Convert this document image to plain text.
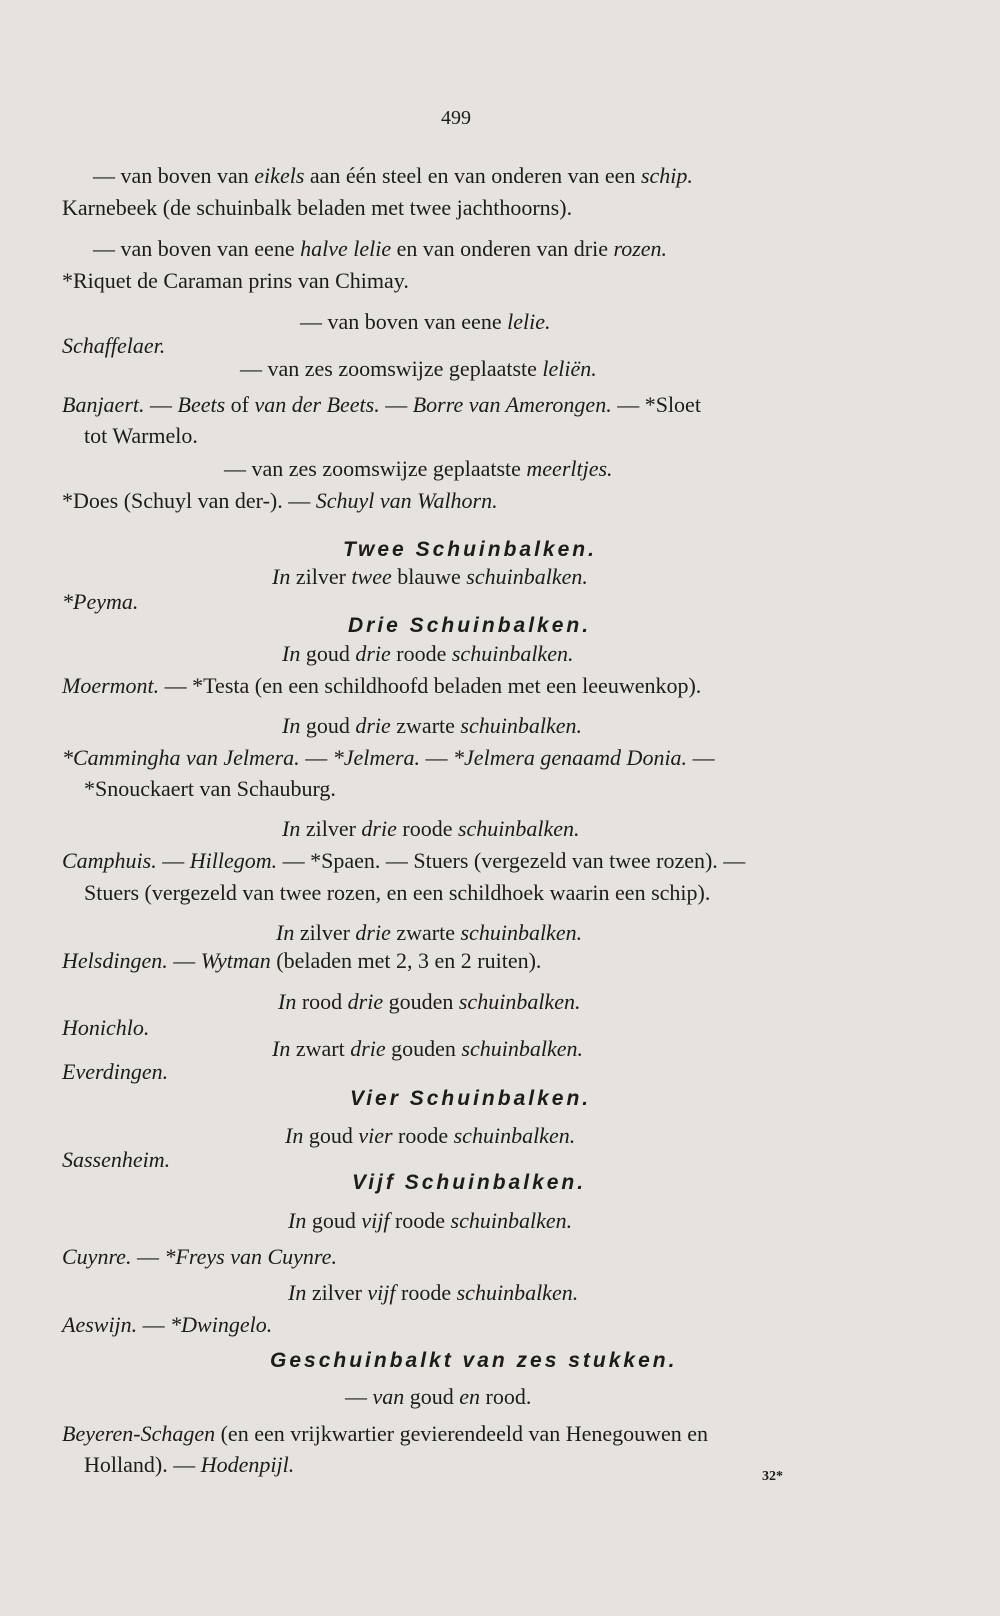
499
— van boven van eikels aan één steel en van onderen van een schip.
Karnebeek (de schuinbalk beladen met twee jachthoorns).
— van boven van eene halve lelie en van onderen van drie rozen.
*Riquet de Caraman prins van Chimay.
— van boven van eene lelie.
Schaffelaer.
— van zes zoomswijze geplaatste leliën.
Banjaert. — Beets of van der Beets. — Borre van Amerongen. — *Sloet
tot Warmelo.
— van zes zoomswijze geplaatste meerltjes.
*Does (Schuyl van der-). — Schuyl van Walhorn.
In zilver twee blauwe schuinbalken.
*Peyma.
In goud drie roode schuinbalken.
Moermont. — *Testa (en een schildhoofd beladen met een leeuwenkop).
In goud drie zwarte schuinbalken.
*Cammingha van Jelmera. — *Jelmera. — *Jelmera genaamd Donia. —
*Snouckaert van Schauburg.
In zilver drie roode schuinbalken.
Camphuis. — Hillegom. — *Spaen. — Stuers (vergezeld van twee rozen). —
Stuers (vergezeld van twee rozen, en een schildhoek waarin een schip).
In zilver drie zwarte schuinbalken.
Helsdingen. — Wytman (beladen met 2, 3 en 2 ruiten).
In rood drie gouden schuinbalken.
Honichlo.
In zwart drie gouden schuinbalken.
Everdingen.
In goud vier roode schuinbalken.
Sassenheim.
In goud vijf roode schuinbalken.
Cuynre. — *Freys van Cuynre.
In zilver vijf roode schuinbalken.
Aeswijn. — *Dwingelo.
— van goud en rood.
Beyeren-Schagen (en een vrijkwartier gevierendeeld van Henegouwen en
Holland). — Hodenpijl.
Twee Schuinbalken.
Drie Schuinbalken.
Vier Schuinbalken.
Vijf Schuinbalken.
Geschuinbalkt van zes stukken.
32*
